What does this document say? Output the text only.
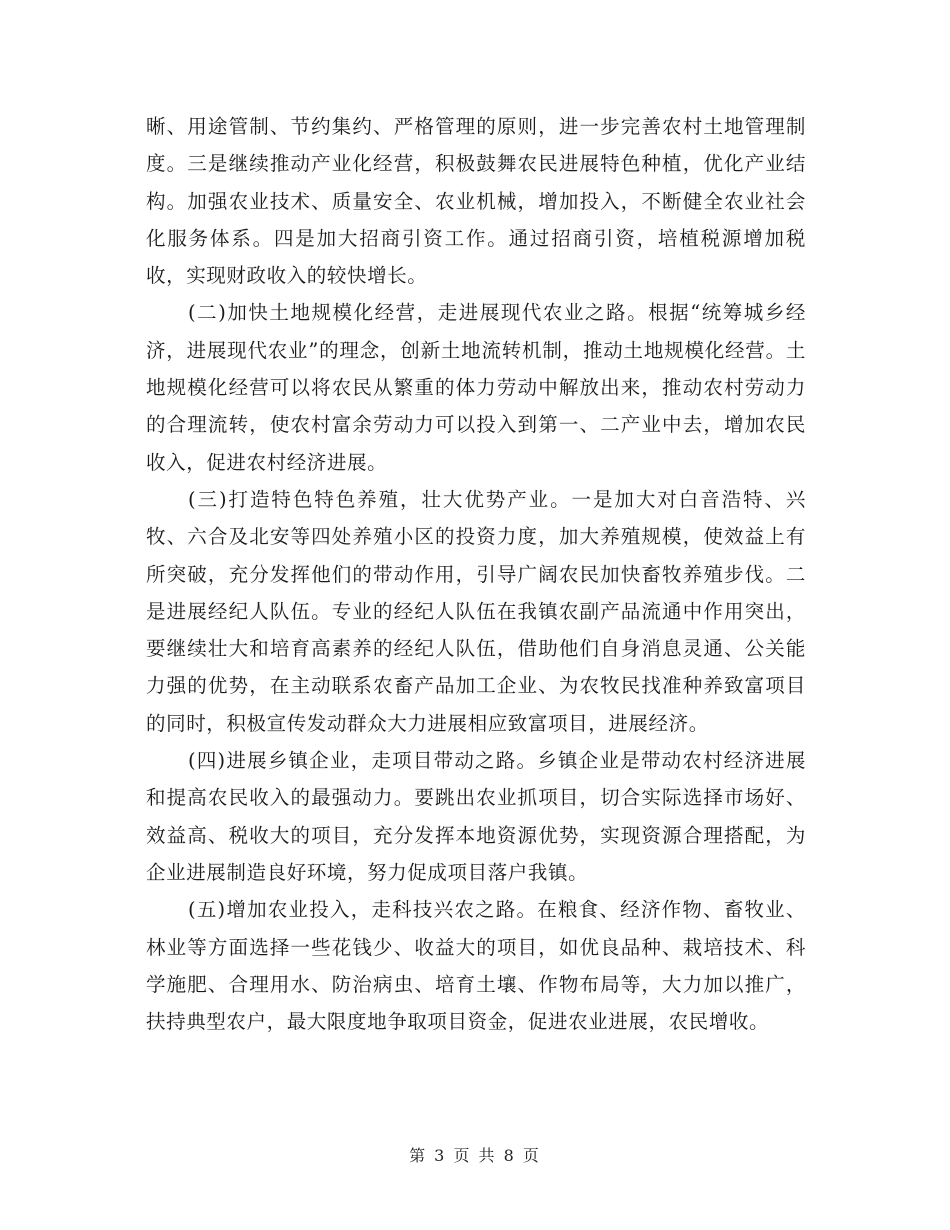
晰、用途管制、节约集约、严格管理的原则，进一步完善农村土地管理制度。三是继续推动产业化经营，积极鼓舞农民进展特色种植，优化产业结构。加强农业技术、质量安全、农业机械，增加投入，不断健全农业社会化服务体系。四是加大招商引资工作。通过招商引资，培植税源增加税收，实现财政收入的较快增长。

(二)加快土地规模化经营，走进展现代农业之路。根据“统筹城乡经济，进展现代农业”的理念，创新土地流转机制，推动土地规模化经营。土地规模化经营可以将农民从繁重的体力劳动中解放出来，推动农村劳动力的合理流转，使农村富余劳动力可以投入到第一、二产业中去，增加农民收入，促进农村经济进展。

(三)打造特色特色养殖，壮大优势产业。一是加大对白音浩特、兴牧、六合及北安等四处养殖小区的投资力度，加大养殖规模，使效益上有所突破，充分发挥他们的带动作用，引导广阔农民加快畜牧养殖步伐。二是进展经纪人队伍。专业的经纪人队伍在我镇农副产品流通中作用突出，要继续壮大和培育高素养的经纪人队伍，借助他们自身消息灵通、公关能力强的优势，在主动联系农畜产品加工企业、为农牧民找准种养致富项目的同时，积极宣传发动群众大力进展相应致富项目，进展经济。

(四)进展乡镇企业，走项目带动之路。乡镇企业是带动农村经济进展和提高农民收入的最强动力。要跳出农业抓项目，切合实际选择市场好、效益高、税收大的项目，充分发挥本地资源优势，实现资源合理搭配，为企业进展制造良好环境，努力促成项目落户我镇。

(五)增加农业投入，走科技兴农之路。在粮食、经济作物、畜牧业、林业等方面选择一些花钱少、收益大的项目，如优良品种、栽培技术、科学施肥、合理用水、防治病虫、培育土壤、作物布局等，大力加以推广，扶持典型农户，最大限度地争取项目资金，促进农业进展，农民增收。

第 3 页 共 8 页
